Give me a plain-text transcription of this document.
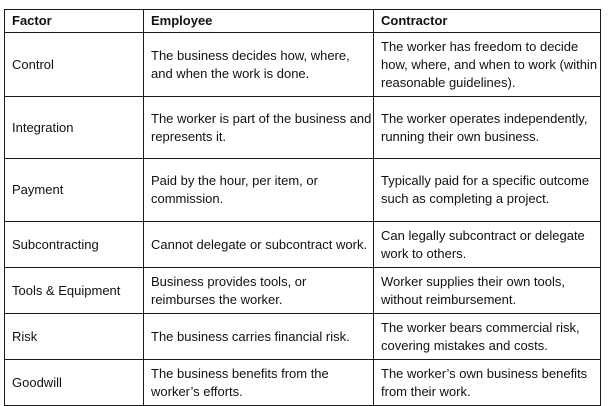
Factor	Employee	Contractor
Control	The business decides how, where, and when the work is done.	The worker has freedom to decide how, where, and when to work (within reasonable guidelines).
Integration	The worker is part of the business and represents it.	The worker operates independently, running their own business.
Payment	Paid by the hour, per item, or commission.	Typically paid for a specific outcome such as completing a project.
Subcontracting	Cannot delegate or subcontract work.	Can legally subcontract or delegate work to others.
Tools & Equipment	Business provides tools, or reimburses the worker.	Worker supplies their own tools, without reimbursement.
Risk	The business carries financial risk.	The worker bears commercial risk, covering mistakes and costs.
Goodwill	The business benefits from the worker’s efforts.	The worker’s own business benefits from their work.
